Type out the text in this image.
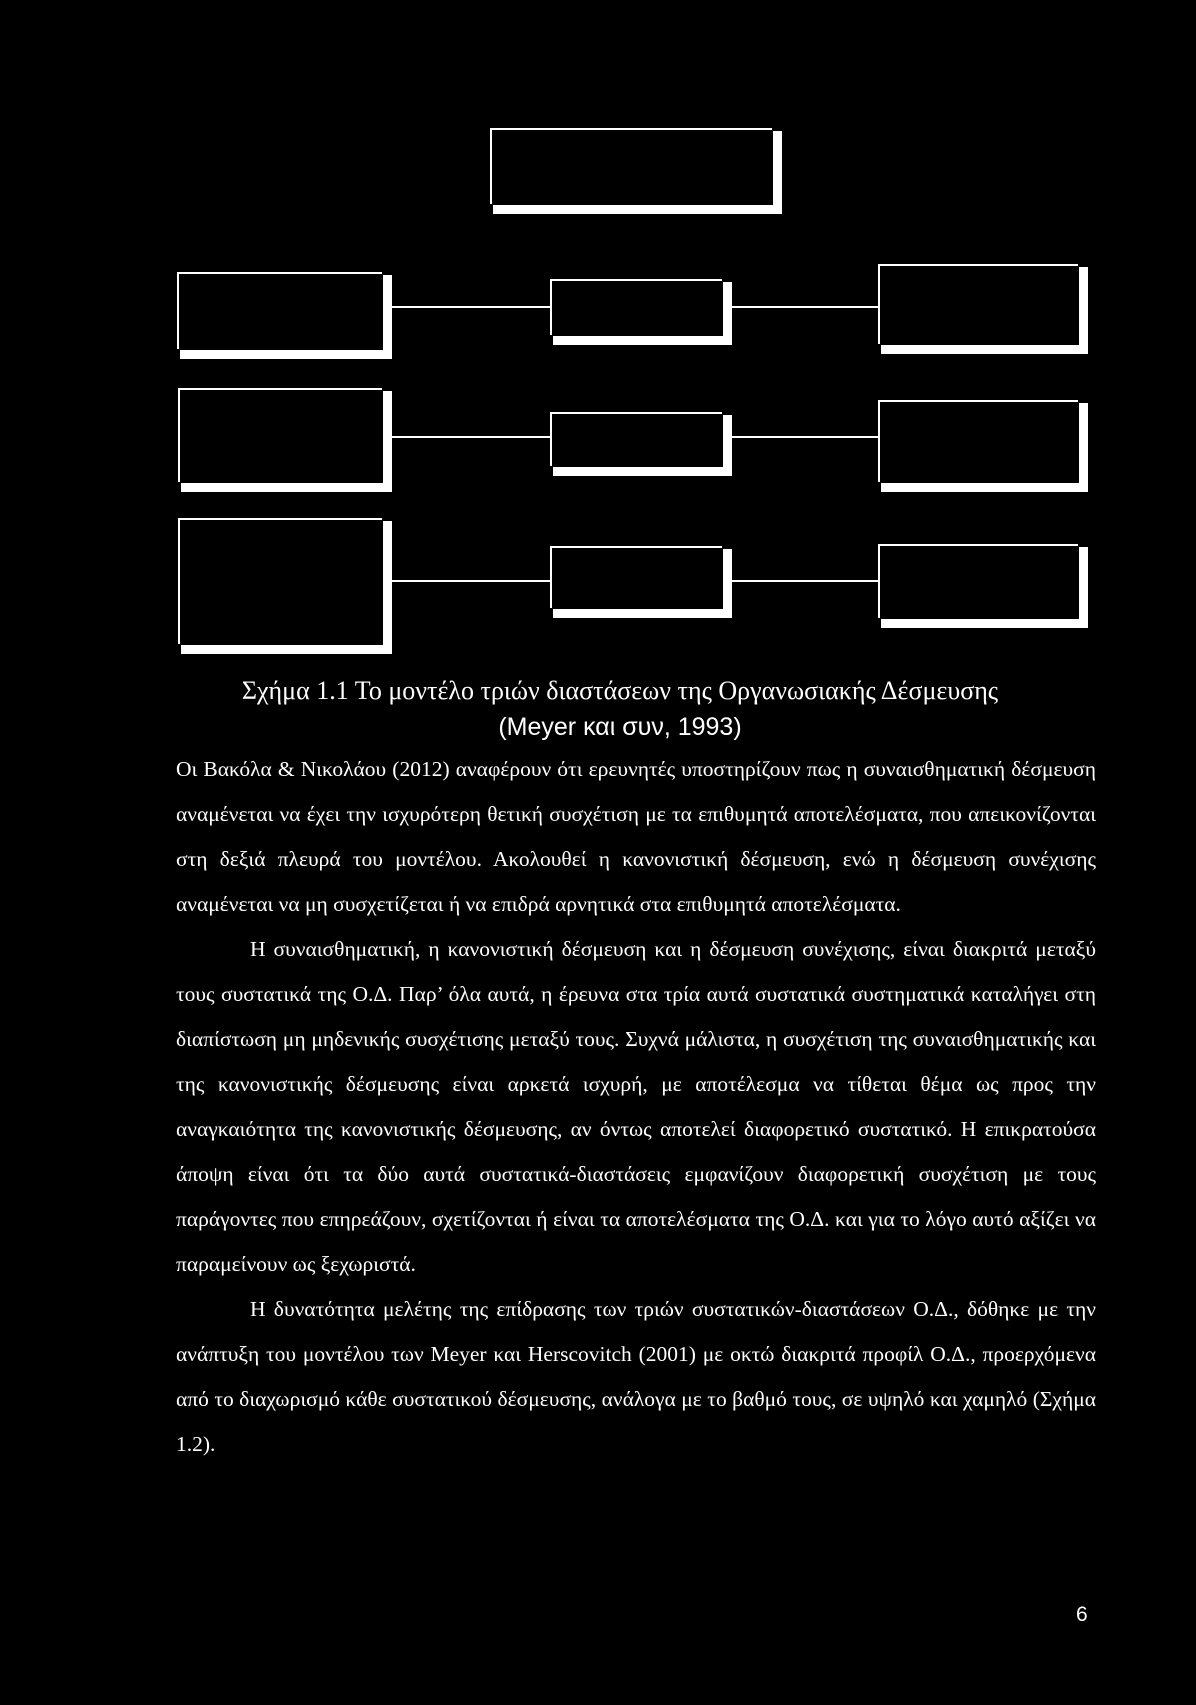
Σχήμα 1.1 Το μοντέλο τριών διαστάσεων της Οργανωσιακής Δέσμευσης
(Meyer και συν, 1993)

Οι Βακόλα & Νικολάου (2012) αναφέρουν ότι ερευνητές υποστηρίζουν πως η συναισθηματική δέσμευση αναμένεται να έχει την ισχυρότερη θετική συσχέτιση με τα επιθυμητά αποτελέσματα, που απεικονίζονται στη δεξιά πλευρά του μοντέλου. Ακολουθεί η κανονιστική δέσμευση, ενώ η δέσμευση συνέχισης αναμένεται να μη συσχετίζεται ή να επιδρά αρνητικά στα επιθυμητά αποτελέσματα.

Η συναισθηματική, η κανονιστική δέσμευση και η δέσμευση συνέχισης, είναι διακριτά μεταξύ τους συστατικά της Ο.Δ. Παρ’ όλα αυτά, η έρευνα στα τρία αυτά συστατικά συστηματικά καταλήγει στη διαπίστωση μη μηδενικής συσχέτισης μεταξύ τους. Συχνά μάλιστα, η συσχέτιση της συναισθηματικής και της κανονιστικής δέσμευσης είναι αρκετά ισχυρή, με αποτέλεσμα να τίθεται θέμα ως προς την αναγκαιότητα της κανονιστικής δέσμευσης, αν όντως αποτελεί διαφορετικό συστατικό. Η επικρατούσα άποψη είναι ότι τα δύο αυτά συστατικά-διαστάσεις εμφανίζουν διαφορετική συσχέτιση με τους παράγοντες που επηρεάζουν, σχετίζονται ή είναι τα αποτελέσματα της Ο.Δ. και για το λόγο αυτό αξίζει να παραμείνουν ως ξεχωριστά.

Η δυνατότητα μελέτης της επίδρασης των τριών συστατικών-διαστάσεων Ο.Δ., δόθηκε με την ανάπτυξη του μοντέλου των Meyer και Herscovitch (2001) με οκτώ διακριτά προφίλ Ο.Δ., προερχόμενα από το διαχωρισμό κάθε συστατικού δέσμευσης, ανάλογα με το βαθμό τους, σε υψηλό και χαμηλό (Σχήμα 1.2).

6
